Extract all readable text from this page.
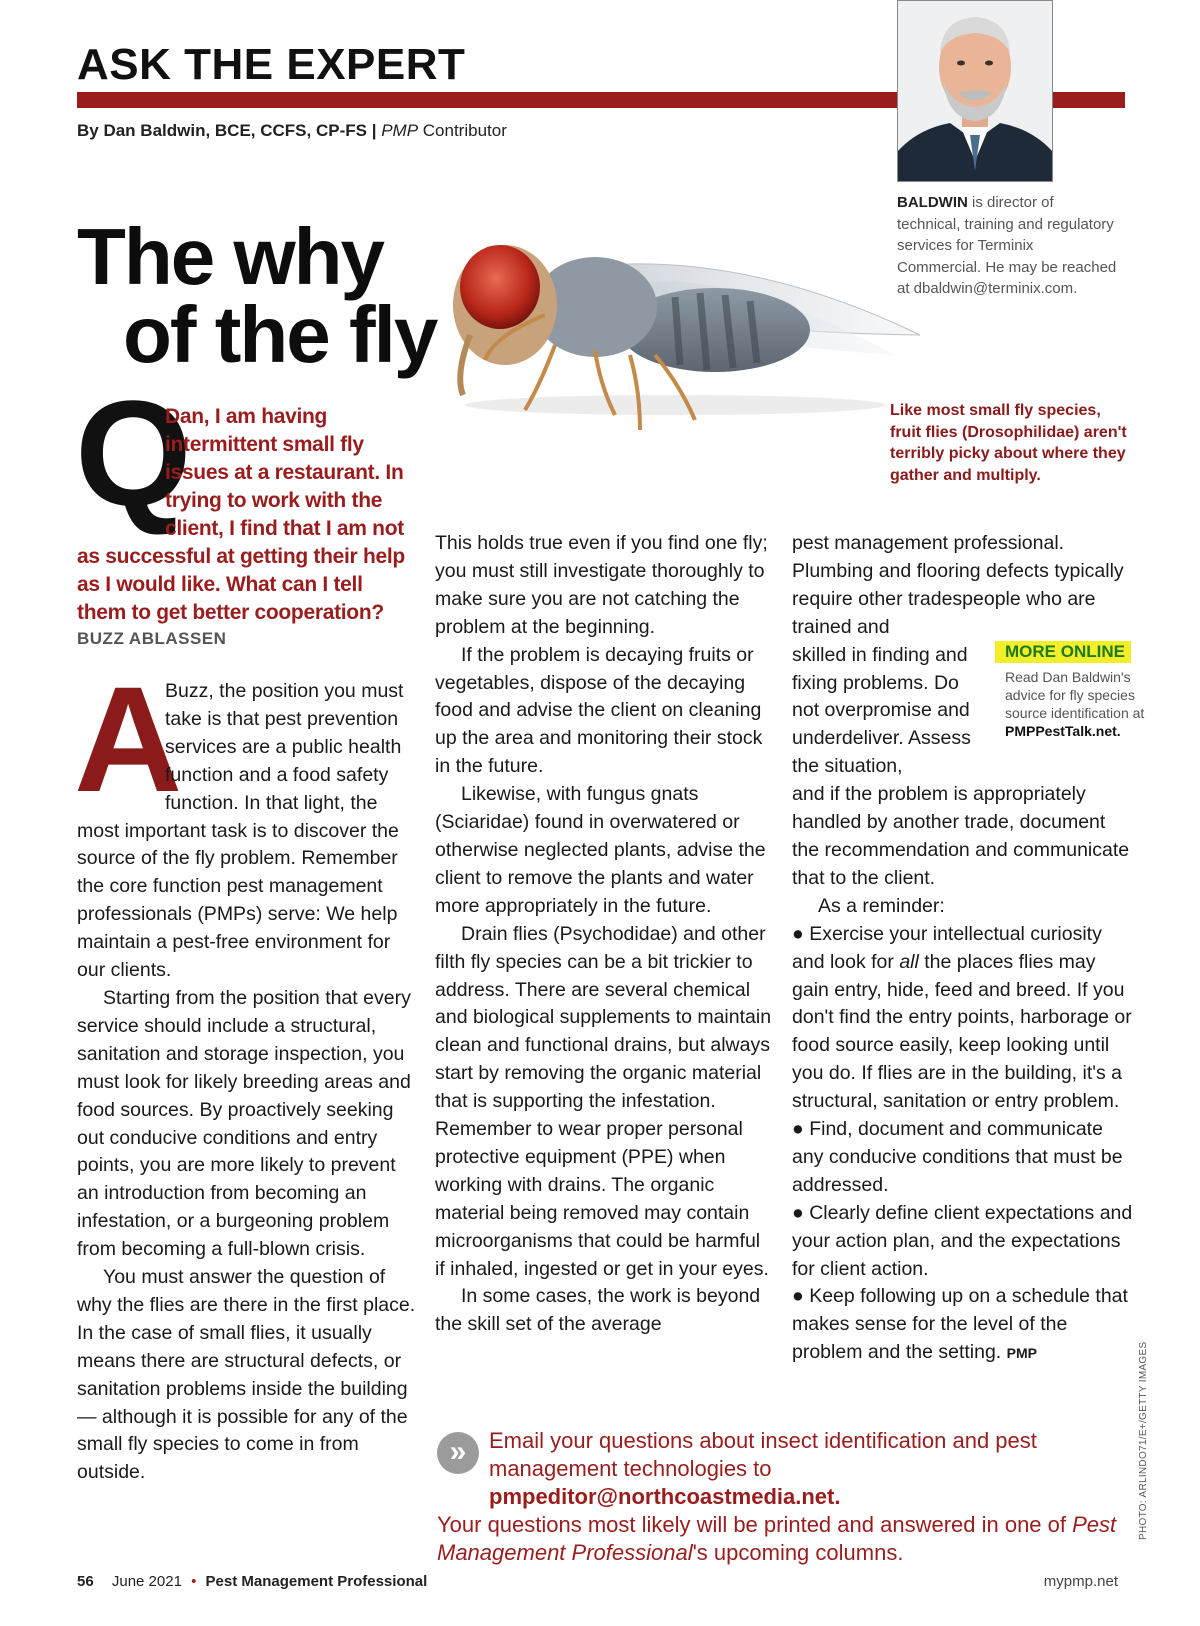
ASK THE EXPERT
By Dan Baldwin, BCE, CCFS, CP-FS | PMP Contributor
BALDWIN is director of technical, training and regulatory services for Terminix Commercial. He may be reached at dbaldwin@terminix.com.
The why
of the fly
Like most small fly species, fruit flies (Drosophilidae) aren't terribly picky about where they gather and multiply.
Q
Dan, I am having intermittent small fly issues at a restaurant. In trying to work with the client, I find that I am not
as successful at getting their help as I would like. What can I tell them to get better cooperation?
BUZZ ABLASSEN
A

Buzz, the position you must take is that pest prevention services are a public health function and a food safety function. In that light, the
most important task is to discover the source of the fly problem. Remember the core function pest management professionals (PMPs) serve: We help maintain a pest-free environment for our clients.

Starting from the position that every service should include a structural, sanitation and storage inspection, you must look for likely breeding areas and food sources. By proactively seeking out conducive conditions and entry points, you are more likely to prevent an introduction from becoming an infestation, or a burgeoning problem from becoming a full-blown crisis.

You must answer the question of why the flies are there in the first place. In the case of small flies, it usually means there are structural defects, or sanitation problems inside the building — although it is possible for any of the small fly species to come in from outside.

This holds true even if you find one fly; you must still investigate thoroughly to make sure you are not catching the problem at the beginning.

If the problem is decaying fruits or vegetables, dispose of the decaying food and advise the client on cleaning up the area and monitoring their stock in the future.

Likewise, with fungus gnats (Sciaridae) found in overwatered or otherwise neglected plants, advise the client to remove the plants and water more appropriately in the future.

Drain flies (Psychodidae) and other filth fly species can be a bit trickier to address. There are several chemical and biological supplements to maintain clean and functional drains, but always start by removing the organic material that is supporting the infestation. Remember to wear proper personal protective equipment (PPE) when working with drains. The organic material being removed may contain microorganisms that could be harmful if inhaled, ingested or get in your eyes.

In some cases, the work is beyond the skill set of the average

pest management professional. Plumbing and flooring defects typically require other tradespeople who are trained and

skilled in finding and fixing problems. Do not overpromise and underdeliver. Assess the situation,

and if the problem is appropriately handled by another trade, document the recommendation and communicate that to the client.

As a reminder:

● Exercise your intellectual curiosity and look for all the places flies may gain entry, hide, feed and breed. If you don't find the entry points, harborage or food source easily, keep looking until you do. If flies are in the building, it's a structural, sanitation or entry problem.
● Find, document and communicate any conducive conditions that must be addressed.
● Clearly define client expectations and your action plan, and the expectations for client action.
● Keep following up on a schedule that makes sense for the level of the problem and the setting. PMP
MORE ONLINE
Read Dan Baldwin's advice for fly species source identification at PMPPestTalk.net.
»	Email your questions about insect identification and pest management technologies to pmpeditor@northcoastmedia.net.
Your questions most likely will be printed and answered in one of Pest Management Professional's upcoming columns.
PHOTO: ARLINDO71/E+/GETTY IMAGES
56 June 2021 • Pest Management Professional	mypmp.net
